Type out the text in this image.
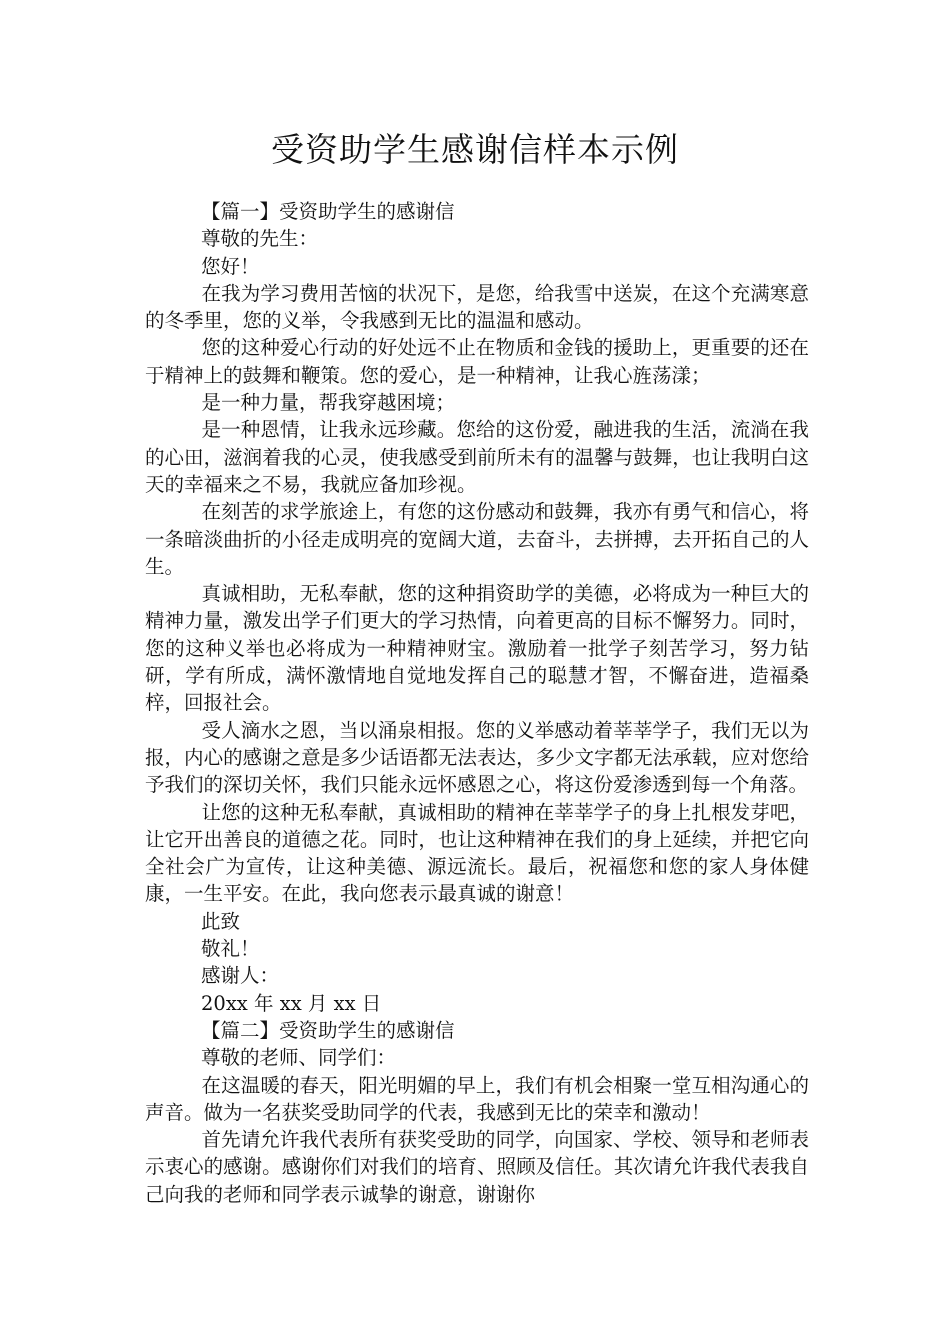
受资助学生感谢信样本示例

【篇一】受资助学生的感谢信

尊敬的先生：

您好！

在我为学习费用苦恼的状况下，是您，给我雪中送炭，在这个充满寒意的冬季里，您的义举，令我感到无比的温温和感动。

您的这种爱心行动的好处远不止在物质和金钱的援助上，更重要的还在于精神上的鼓舞和鞭策。您的爱心，是一种精神，让我心旌荡漾；

是一种力量，帮我穿越困境；

是一种恩情，让我永远珍藏。您给的这份爱，融进我的生活，流淌在我的心田，滋润着我的心灵，使我感受到前所未有的温馨与鼓舞，也让我明白这天的幸福来之不易，我就应备加珍视。

在刻苦的求学旅途上，有您的这份感动和鼓舞，我亦有勇气和信心，将一条暗淡曲折的小径走成明亮的宽阔大道，去奋斗，去拼搏，去开拓自己的人生。

真诚相助，无私奉献，您的这种捐资助学的美德，必将成为一种巨大的精神力量，激发出学子们更大的学习热情，向着更高的目标不懈努力。同时，您的这种义举也必将成为一种精神财宝。激励着一批学子刻苦学习，努力钻研，学有所成，满怀激情地自觉地发挥自己的聪慧才智，不懈奋进，造福桑梓，回报社会。

受人滴水之恩，当以涌泉相报。您的义举感动着莘莘学子，我们无以为报，内心的感谢之意是多少话语都无法表达，多少文字都无法承载，应对您给予我们的深切关怀，我们只能永远怀感恩之心，将这份爱渗透到每一个角落。

让您的这种无私奉献，真诚相助的精神在莘莘学子的身上扎根发芽吧，让它开出善良的道德之花。同时，也让这种精神在我们的身上延续，并把它向全社会广为宣传，让这种美德、源远流长。最后，祝福您和您的家人身体健康，一生平安。在此，我向您表示最真诚的谢意！

此致

敬礼！

感谢人：

20xx 年 xx 月 xx 日

【篇二】受资助学生的感谢信

尊敬的老师、同学们：

在这温暖的春天，阳光明媚的早上，我们有机会相聚一堂互相沟通心的声音。做为一名获奖受助同学的代表，我感到无比的荣幸和激动！

首先请允许我代表所有获奖受助的同学，向国家、学校、领导和老师表示衷心的感谢。感谢你们对我们的培育、照顾及信任。其次请允许我代表我自己向我的老师和同学表示诚挚的谢意，谢谢你
